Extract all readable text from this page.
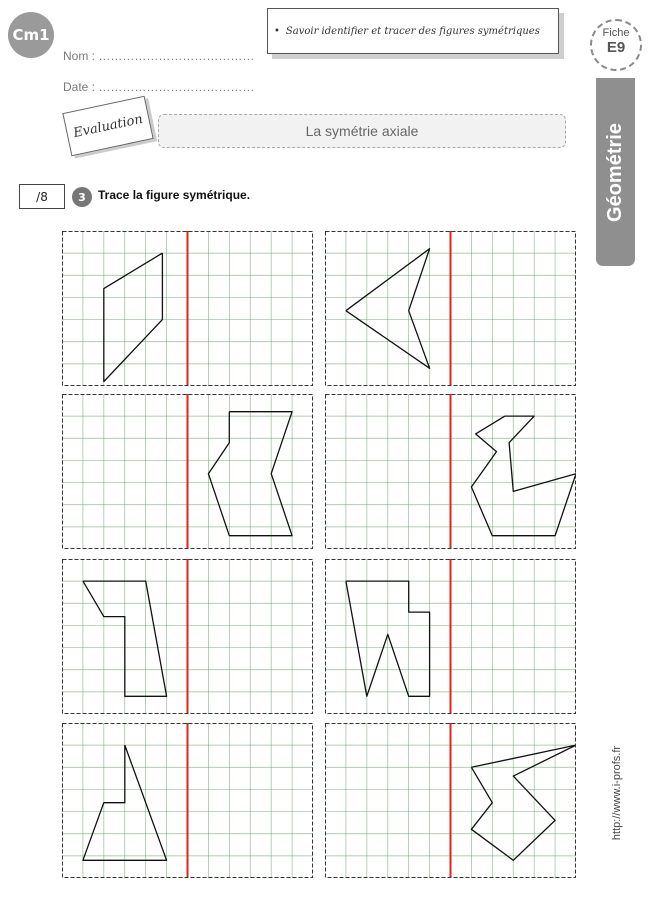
Cm1
Nom : …………………………………
Date : …………………………………
• Savoir identifier et tracer des figures symétriques	Fiche
E9
Géométrie
Evaluation	La symétrie axiale
/8	3	Trace la figure symétrique.
http://www.i-profs.fr
